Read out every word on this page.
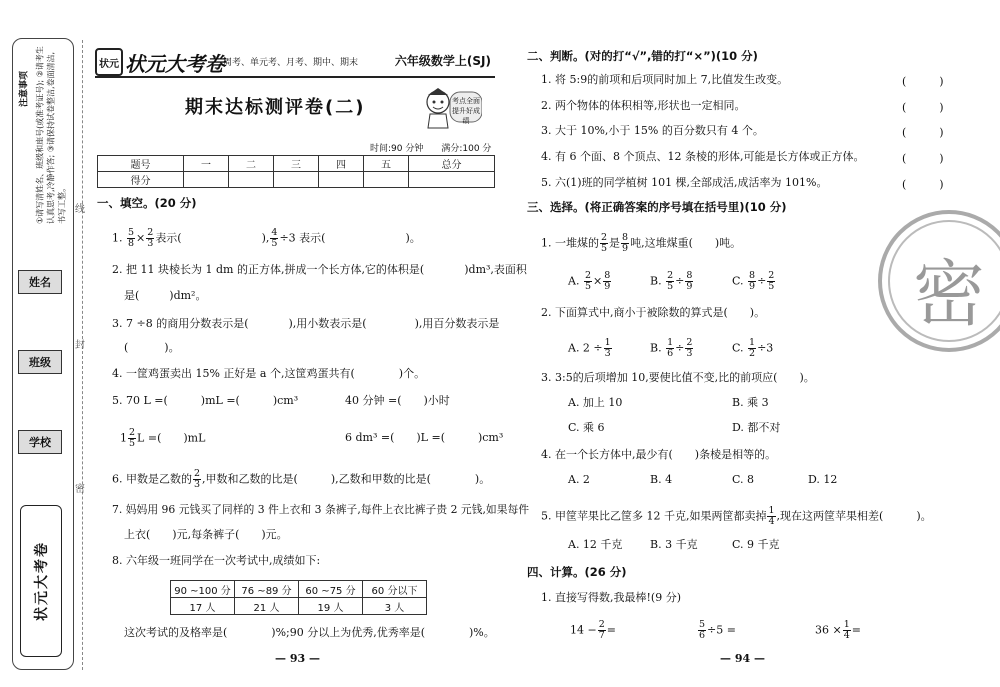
注意事项 ①请写清姓名、班级和座号(或准考证号); ②请考生认真思考,冷静作答; ③请保持试卷整洁,卷面清洁,书写工整。
姓名
班级
学校
线
封
密
状元大考卷
状元 状元大考卷
周考、单元考、月考、期中、期末	六年级数学上(SJ)
期末达标测评卷(二)	考点全面 提升好成绩
时间:90 分钟　　满分:100 分
题号	一	二	三	四	五	总分
得分						
一、填空。(20 分)
1. $\frac{5}{8} \times \frac{2}{3}$ 表示(	), $\frac{4}{5} \div 3$ 表示(	)。
2. 把 11 块棱长为 1 dm 的正方体,拼成一个长方体,它的体积是(	)dm³,表面积
是(	)dm²。
3. 7 ÷8 的商用分数表示是(	),用小数表示是(	),用百分数表示是
(	)。
4. 一筐鸡蛋卖出 15% 正好是 a 个,这筐鸡蛋共有(　　　　)个。
5. 70 L =(　　　)mL =(　　　)cm³	40 分钟 =(　　)小时
$1 \frac{2}{5}$ L =(　　)mL	6 dm³ =(　　)L =(　　　)cm³
6. 甲数是乙数的 $\frac{2}{3}$ ,甲数和乙数的比是(　　　),乙数和甲数的比是(　　　　)。
7. 妈妈用 96 元钱买了同样的 3 件上衣和 3 条裤子,每件上衣比裤子贵 2 元钱,如果每件
上衣(　　)元,每条裤子(　　)元。
8. 六年级一班同学在一次考试中,成绩如下:
90 ~100 分	76 ~89 分	60 ~75 分	60 分以下
17 人	21 人	19 人	3 人
这次考试的及格率是(　　　　)%;90 分以上为优秀,优秀率是(　　　　)%。
— 93 —
二、判断。(对的打“√”,错的打“×”)(10 分)
1. 将 5:9的前项和后项同时加上 7,比值发生改变。	(　　　)
2. 两个物体的体积相等,形状也一定相同。	(　　　)
3. 大于 10%,小于 15% 的百分数只有 4 个。	(　　　)
4. 有 6 个面、8 个顶点、12 条棱的形体,可能是长方体或正方体。	(　　　)
5. 六(1)班的同学植树 101 棵,全部成活,成活率为 101%。	(　　　)
三、选择。(将正确答案的序号填在括号里)(10 分)
1. 一堆煤的 $\frac{2}{5}$ 是 $\frac{8}{9}$ 吨,这堆煤重(　　)吨。
A. $\frac{2}{5} \times \frac{8}{9}$	B. $\frac{2}{5} \div \frac{8}{9}$	C. $\frac{8}{9} \div \frac{2}{5}$
2. 下面算式中,商小于被除数的算式是(　　)。
A. $2 \div \frac{1}{3}$	B. $\frac{1}{6} \div \frac{2}{3}$	C. $\frac{1}{2} \div 3$
3. 3:5的后项增加 10,要使比值不变,比的前项应(　　)。
A. 加上 10	B. 乘 3
C. 乘 6	D. 都不对
4. 在一个长方体中,最少有(　　)条棱是相等的。
A. 2	B. 4	C. 8	D. 12
5. 甲筐苹果比乙筐多 12 千克,如果两筐都卖掉 $\frac{1}{4}$ ,现在这两筐苹果相差(　　　)。
A. 12 千克	B. 3 千克	C. 9 千克
四、计算。(26 分)
1. 直接写得数,我最棒!(9 分)
$14 - \frac{2}{7}$ =	$\frac{5}{6} \div 5$ =	$36 \times \frac{1}{4}$ =
— 94 —
密
